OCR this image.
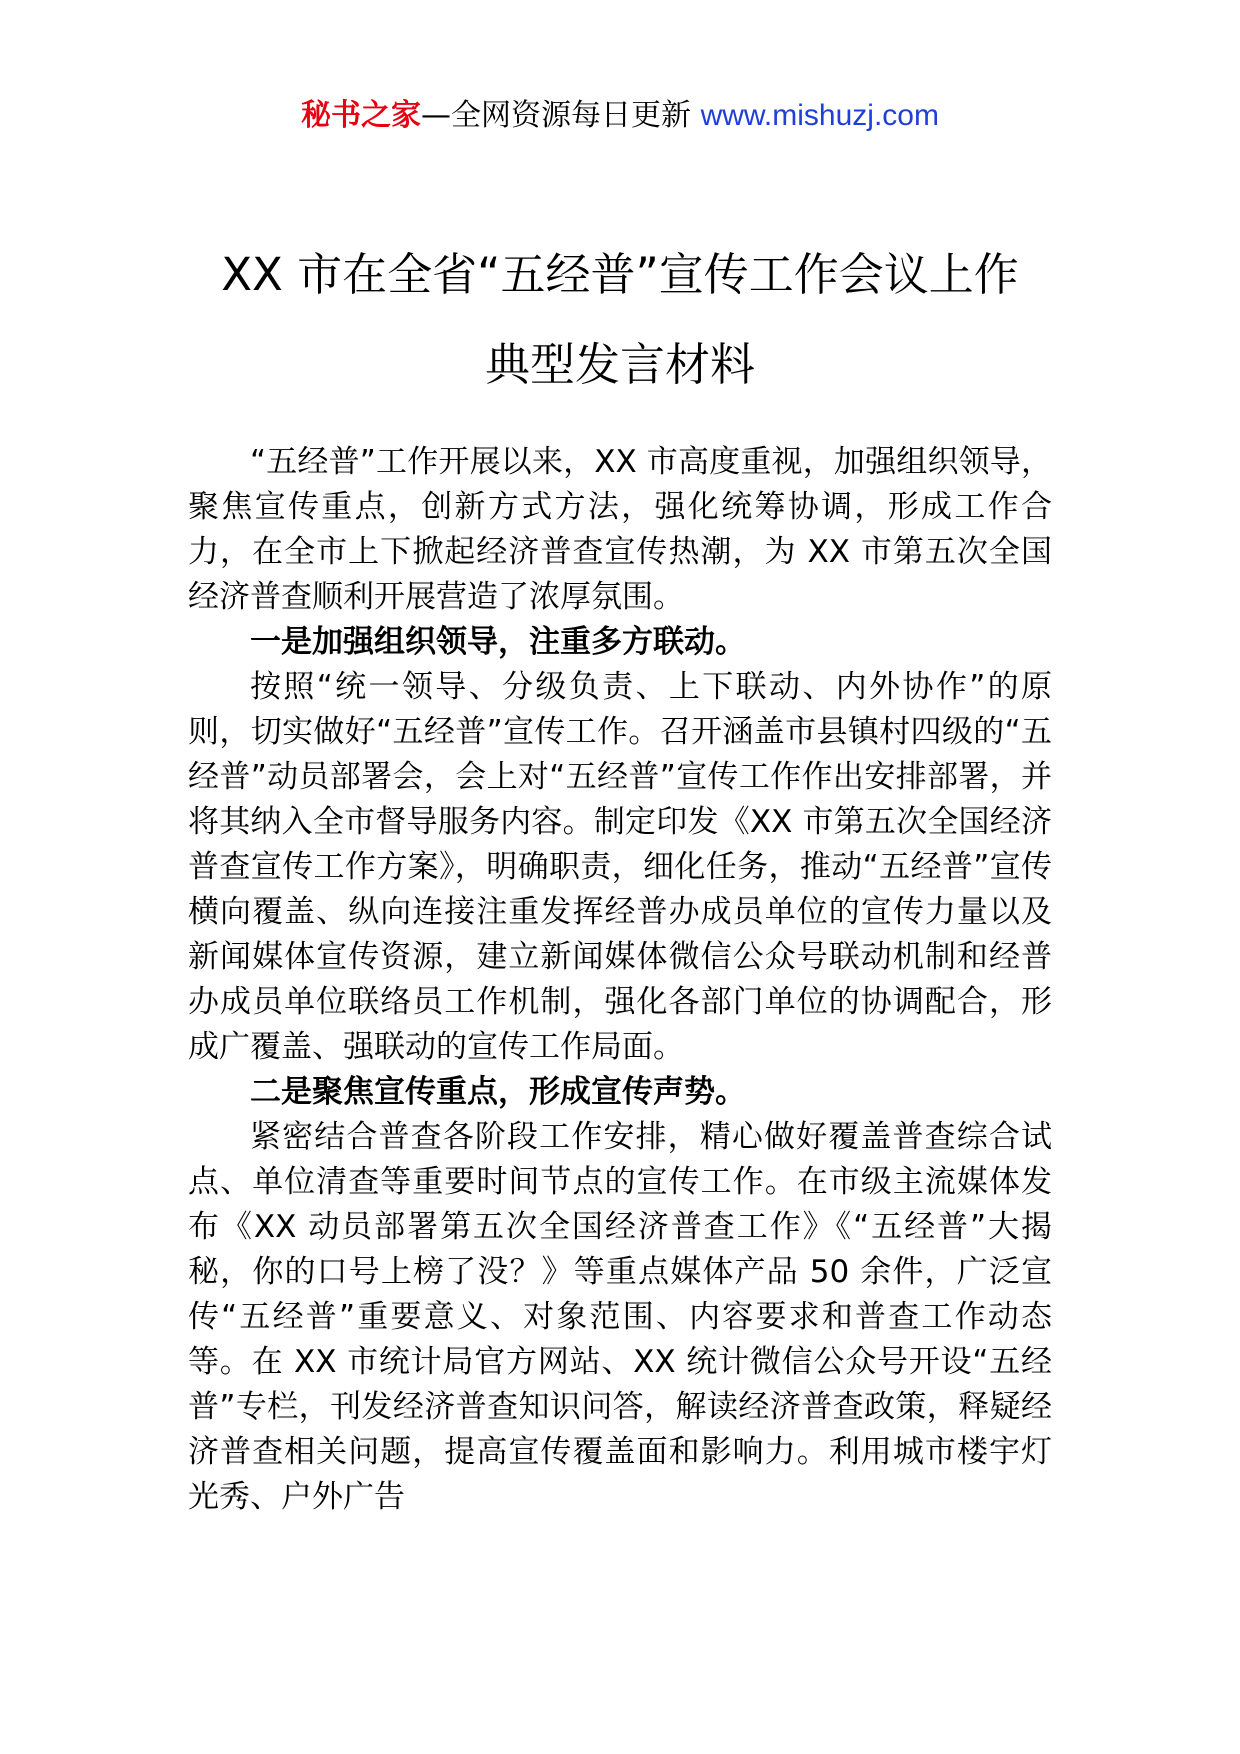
秘书之家—全网资源每日更新 www.mishuzj.com
XX 市在全省“五经普”宣传工作会议上作
典型发言材料

“五经普”工作开展以来，XX 市高度重视，加强组织领导，聚焦宣传重点，创新方式方法，强化统筹协调，形成工作合力，在全市上下掀起经济普查宣传热潮，为 XX 市第五次全国经济普查顺利开展营造了浓厚氛围。

一是加强组织领导，注重多方联动。

按照“统一领导、分级负责、上下联动、内外协作”的原则，切实做好“五经普”宣传工作。召开涵盖市县镇村四级的“五经普”动员部署会，会上对“五经普”宣传工作作出安排部署，并将其纳入全市督导服务内容。制定印发《XX 市第五次全国经济普查宣传工作方案》，明确职责，细化任务，推动“五经普”宣传横向覆盖、纵向连接注重发挥经普办成员单位的宣传力量以及新闻媒体宣传资源，建立新闻媒体微信公众号联动机制和经普办成员单位联络员工作机制，强化各部门单位的协调配合，形成广覆盖、强联动的宣传工作局面。

二是聚焦宣传重点，形成宣传声势。

紧密结合普查各阶段工作安排，精心做好覆盖普查综合试点、单位清查等重要时间节点的宣传工作。在市级主流媒体发布《XX 动员部署第五次全国经济普查工作》《“五经普”大揭秘，你的口号上榜了没？》等重点媒体产品 50 余件，广泛宣传“五经普”重要意义、对象范围、内容要求和普查工作动态等。在 XX 市统计局官方网站、XX 统计微信公众号开设“五经普”专栏，刊发经济普查知识问答，解读经济普查政策，释疑经济普查相关问题，提高宣传覆盖面和影响力。利用城市楼宇灯光秀、户外广告
